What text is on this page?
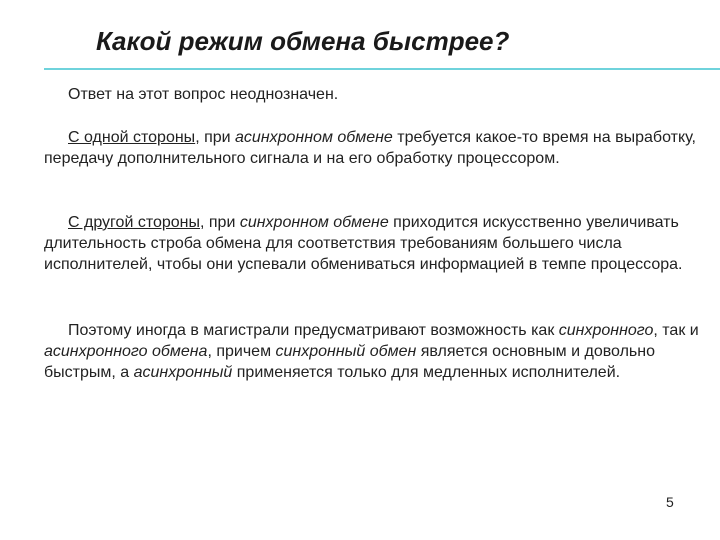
Какой режим обмена быстрее?

Ответ на этот вопрос неоднозначен.

С одной стороны, при асинхронном обмене требуется какое-то время на выработку, передачу дополнительного сигнала и на его обработку процессором.

С другой стороны, при синхронном обмене приходится искусственно увеличивать длительность строба обмена для соответствия требованиям большего числа исполнителей, чтобы они успевали обмениваться информацией в темпе процессора.

Поэтому иногда в магистрали предусматривают возможность как синхронного, так и асинхронного обмена, причем синхронный обмен является основным и довольно быстрым, а асинхронный применяется только для медленных исполнителей.

5
